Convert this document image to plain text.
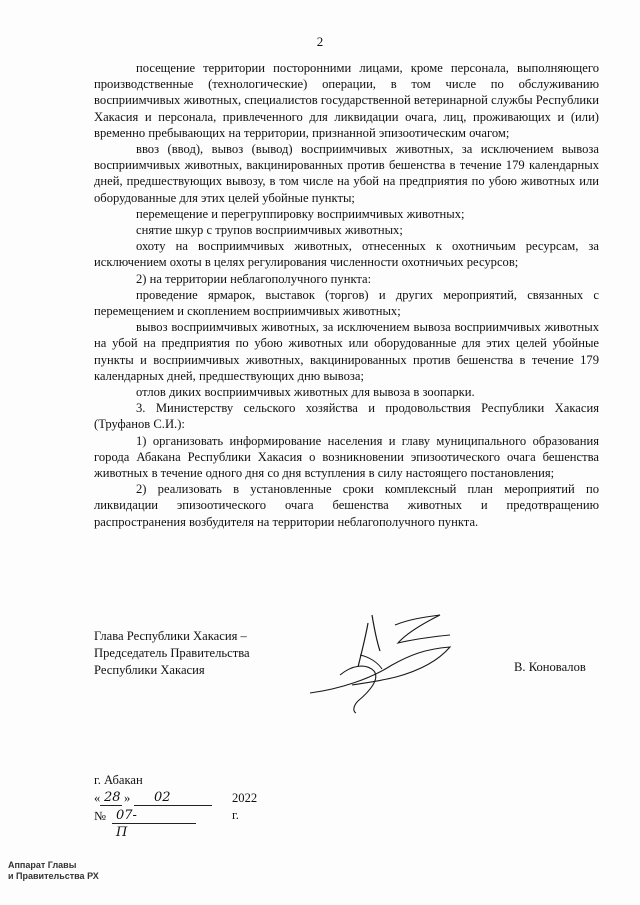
2

посещение территории посторонними лицами, кроме персонала, выполняющего производственные (технологические) операции, в том числе по обслуживанию восприимчивых животных, специалистов государственной ветеринарной службы Республики Хакасия и персонала, привлеченного для ликвидации очага, лиц, проживающих и (или) временно пребывающих на территории, признанной эпизоотическим очагом;

ввоз (ввод), вывоз (вывод) восприимчивых животных, за исключением вывоза восприимчивых животных, вакцинированных против бешенства в течение 179 календарных дней, предшествующих вывозу, в том числе на убой на предприятия по убою животных или оборудованные для этих целей убойные пункты;

перемещение и перегруппировку восприимчивых животных;

снятие шкур с трупов восприимчивых животных;

охоту на восприимчивых животных, отнесенных к охотничьим ресурсам, за исключением охоты в целях регулирования численности охотничьих ресурсов;

2) на территории неблагополучного пункта:

проведение ярмарок, выставок (торгов) и других мероприятий, связанных с перемещением и скоплением восприимчивых животных;

вывоз восприимчивых животных, за исключением вывоза восприимчивых животных на убой на предприятия по убою животных или оборудованные для этих целей убойные пункты и восприимчивых животных, вакцинированных против бешенства в течение 179 календарных дней, предшествующих дню вывоза;

отлов диких восприимчивых животных для вывоза в зоопарки.

3. Министерству сельского хозяйства и продовольствия Республики Хакасия (Труфанов С.И.):

1) организовать информирование населения и главу муниципального образования города Абакана Республики Хакасия о возникновении эпизоотического очага бешенства животных в течение одного дня со дня вступления в силу настоящего постановления;

2) реализовать в установленные сроки комплексный план мероприятий по ликвидации эпизоотического очага бешенства животных и предотвращению распространения возбудителя на территории неблагополучного пункта.

Глава Республики Хакасия –
Председатель Правительства
Республики Хакасия	В. Коновалов
г. Абакан
« 28 » 02	2022 г.
№ 07-П
Аппарат Главы
и Правительства РХ
